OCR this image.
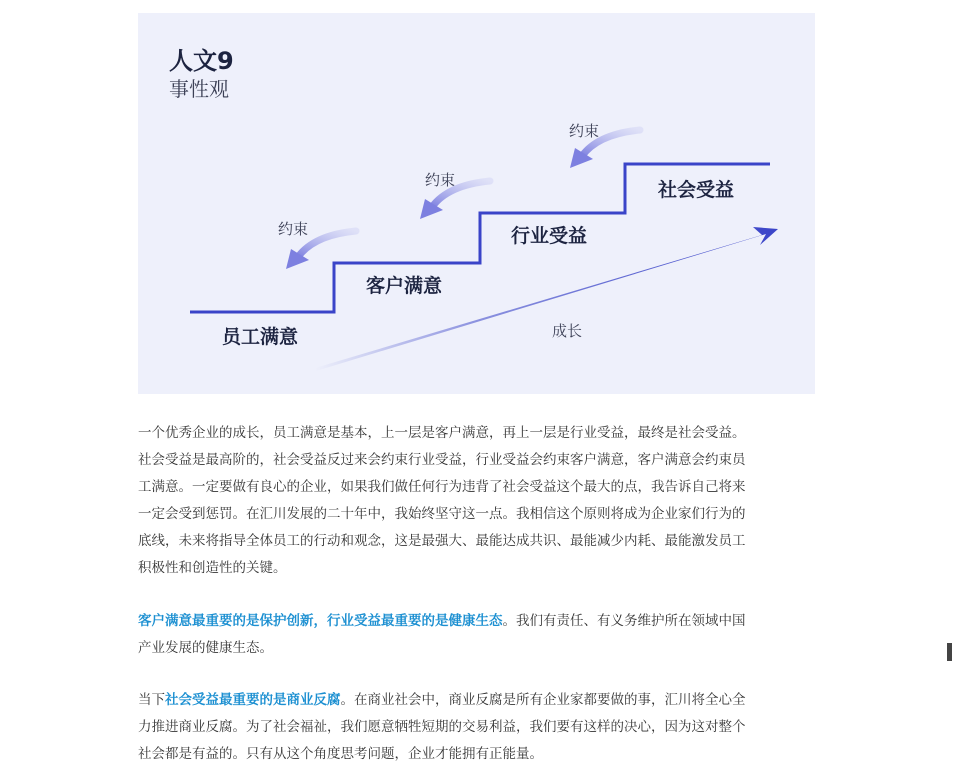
人文9
事性观
员工满意
客户满意
行业受益
社会受益
约束
约束
约束
成长

一个优秀企业的成长，员工满意是基本，上一层是客户满意，再上一层是行业受益，最终是社会受益。

社会受益是最高阶的，社会受益反过来会约束行业受益，行业受益会约束客户满意，客户满意会约束员

工满意。一定要做有良心的企业，如果我们做任何行为违背了社会受益这个最大的点，我告诉自己将来

一定会受到惩罚。在汇川发展的二十年中，我始终坚守这一点。我相信这个原则将成为企业家们行为的

底线，未来将指导全体员工的行动和观念，这是最强大、最能达成共识、最能减少内耗、最能激发员工

积极性和创造性的关键。

客户满意最重要的是保护创新，行业受益最重要的是健康生态。我们有责任、有义务维护所在领域中国

产业发展的健康生态。

当下社会受益最重要的是商业反腐。在商业社会中，商业反腐是所有企业家都要做的事，汇川将全心全

力推进商业反腐。为了社会福祉，我们愿意牺牲短期的交易利益，我们要有这样的决心，因为这对整个

社会都是有益的。只有从这个角度思考问题，企业才能拥有正能量。
